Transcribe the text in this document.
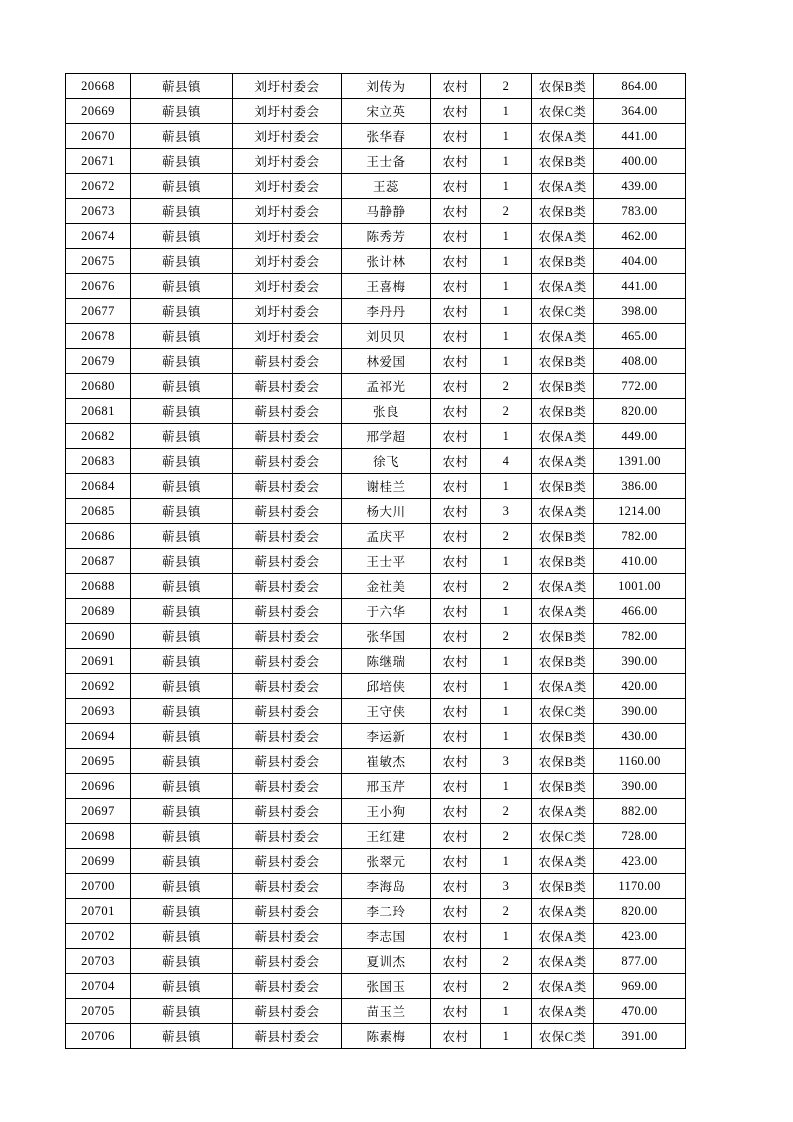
20668	蕲县镇	刘圩村委会	刘传为	农村	2	农保B类	864.00
20669	蕲县镇	刘圩村委会	宋立英	农村	1	农保C类	364.00
20670	蕲县镇	刘圩村委会	张华春	农村	1	农保A类	441.00
20671	蕲县镇	刘圩村委会	王士备	农村	1	农保B类	400.00
20672	蕲县镇	刘圩村委会	王蕊	农村	1	农保A类	439.00
20673	蕲县镇	刘圩村委会	马静静	农村	2	农保B类	783.00
20674	蕲县镇	刘圩村委会	陈秀芳	农村	1	农保A类	462.00
20675	蕲县镇	刘圩村委会	张计林	农村	1	农保B类	404.00
20676	蕲县镇	刘圩村委会	王喜梅	农村	1	农保A类	441.00
20677	蕲县镇	刘圩村委会	李丹丹	农村	1	农保C类	398.00
20678	蕲县镇	刘圩村委会	刘贝贝	农村	1	农保A类	465.00
20679	蕲县镇	蕲县村委会	林爱国	农村	1	农保B类	408.00
20680	蕲县镇	蕲县村委会	孟祁光	农村	2	农保B类	772.00
20681	蕲县镇	蕲县村委会	张良	农村	2	农保B类	820.00
20682	蕲县镇	蕲县村委会	邢学超	农村	1	农保A类	449.00
20683	蕲县镇	蕲县村委会	徐飞	农村	4	农保A类	1391.00
20684	蕲县镇	蕲县村委会	谢桂兰	农村	1	农保B类	386.00
20685	蕲县镇	蕲县村委会	杨大川	农村	3	农保A类	1214.00
20686	蕲县镇	蕲县村委会	孟庆平	农村	2	农保B类	782.00
20687	蕲县镇	蕲县村委会	王士平	农村	1	农保B类	410.00
20688	蕲县镇	蕲县村委会	金社美	农村	2	农保A类	1001.00
20689	蕲县镇	蕲县村委会	于六华	农村	1	农保A类	466.00
20690	蕲县镇	蕲县村委会	张华国	农村	2	农保B类	782.00
20691	蕲县镇	蕲县村委会	陈继瑞	农村	1	农保B类	390.00
20692	蕲县镇	蕲县村委会	邱培侠	农村	1	农保A类	420.00
20693	蕲县镇	蕲县村委会	王守侠	农村	1	农保C类	390.00
20694	蕲县镇	蕲县村委会	李运新	农村	1	农保B类	430.00
20695	蕲县镇	蕲县村委会	崔敏杰	农村	3	农保B类	1160.00
20696	蕲县镇	蕲县村委会	邢玉芹	农村	1	农保B类	390.00
20697	蕲县镇	蕲县村委会	王小狗	农村	2	农保A类	882.00
20698	蕲县镇	蕲县村委会	王红建	农村	2	农保C类	728.00
20699	蕲县镇	蕲县村委会	张翠元	农村	1	农保A类	423.00
20700	蕲县镇	蕲县村委会	李海岛	农村	3	农保B类	1170.00
20701	蕲县镇	蕲县村委会	李二玲	农村	2	农保A类	820.00
20702	蕲县镇	蕲县村委会	李志国	农村	1	农保A类	423.00
20703	蕲县镇	蕲县村委会	夏训杰	农村	2	农保A类	877.00
20704	蕲县镇	蕲县村委会	张国玉	农村	2	农保A类	969.00
20705	蕲县镇	蕲县村委会	苗玉兰	农村	1	农保A类	470.00
20706	蕲县镇	蕲县村委会	陈素梅	农村	1	农保C类	391.00
